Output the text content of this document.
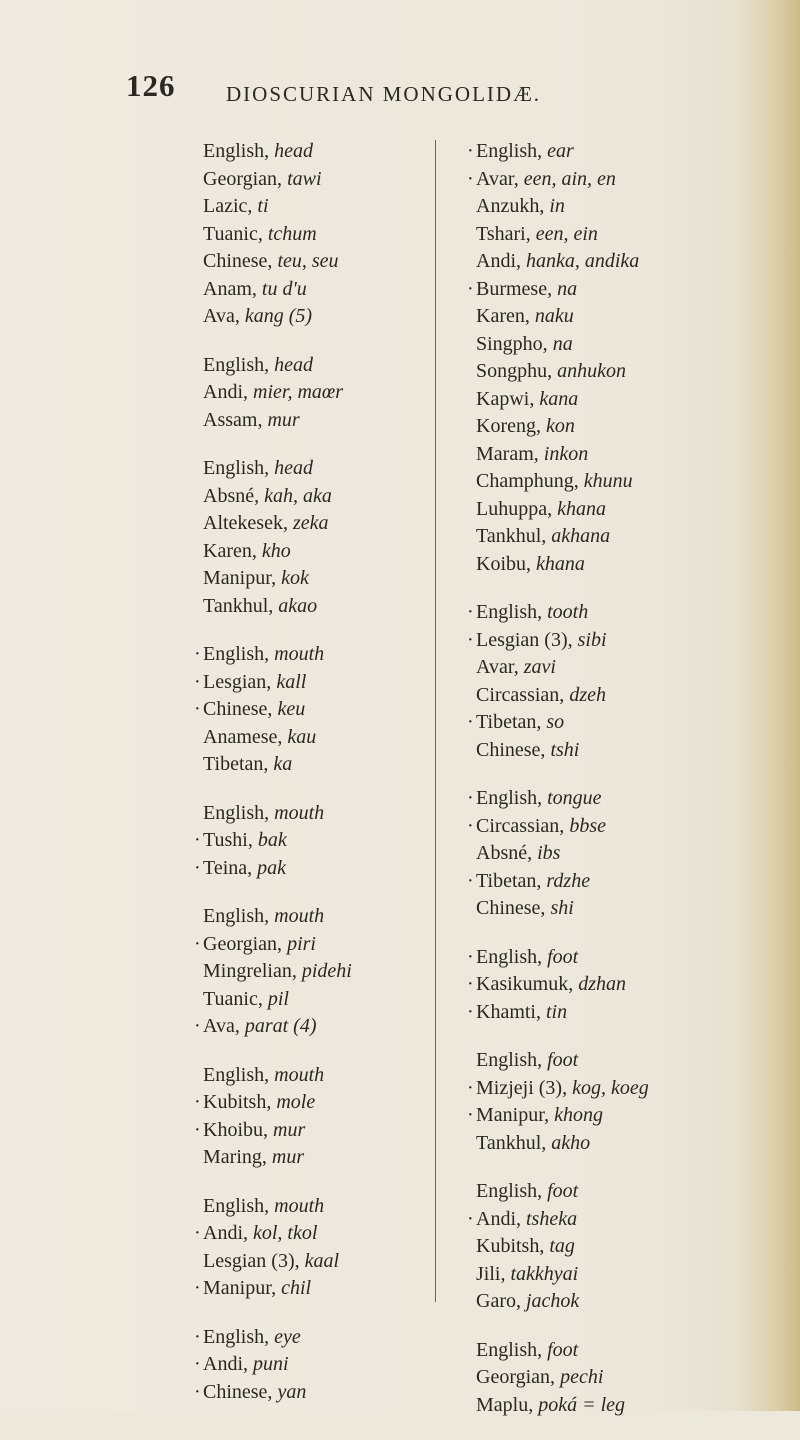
126 DIOSCURIAN MONGOLIDÆ.
English, head
Georgian, tawi
Lazic, ti
Tuanic, tchum
Chinese, teu, seu
Anam, tu d'u
Ava, kang (5)
English, head
Andi, mier, maœr
Assam, mur
English, head
Absné, kah, aka
Altekesek, zeka
Karen, kho
Manipur, kok
Tankhul, akao
· English, mouth
· Lesgian, kall
· Chinese, keu
Anamese, kau
Tibetan, ka
English, mouth
· Tushi, bak
· Teina, pak
English, mouth
· Georgian, piri
Mingrelian, pidehi
Tuanic, pil
· Ava, parat (4)
English, mouth
· Kubitsh, mole
· Khoibu, mur
Maring, mur
English, mouth
· Andi, kol, tkol
Lesgian (3), kaal
· Manipur, chil
· English, eye
· Andi, puni
· Chinese, yan
· English, ear
· Avar, een, ain, en
Anzukh, in
Tshari, een, ein
Andi, hanka, andika
· Burmese, na
Karen, naku
Singpho, na
Songphu, anhukon
Kapwi, kana
Koreng, kon
Maram, inkon
Champhung, khunu
Luhuppa, khana
Tankhul, akhana
Koibu, khana
· English, tooth
· Lesgian (3), sibi
Avar, zavi
Circassian, dzeh
· Tibetan, so
Chinese, tshi
· English, tongue
· Circassian, bbse
Absné, ibs
· Tibetan, rdzhe
Chinese, shi
· English, foot
· Kasikumuk, dzhan
· Khamti, tin
English, foot
· Mizjeji (3), kog, koeg
· Manipur, khong
Tankhul, akho
English, foot
· Andi, tsheka
Kubitsh, tag
Jili, takkhyai
Garo, jachok
English, foot
Georgian, pechi
Maplu, poká = leg
